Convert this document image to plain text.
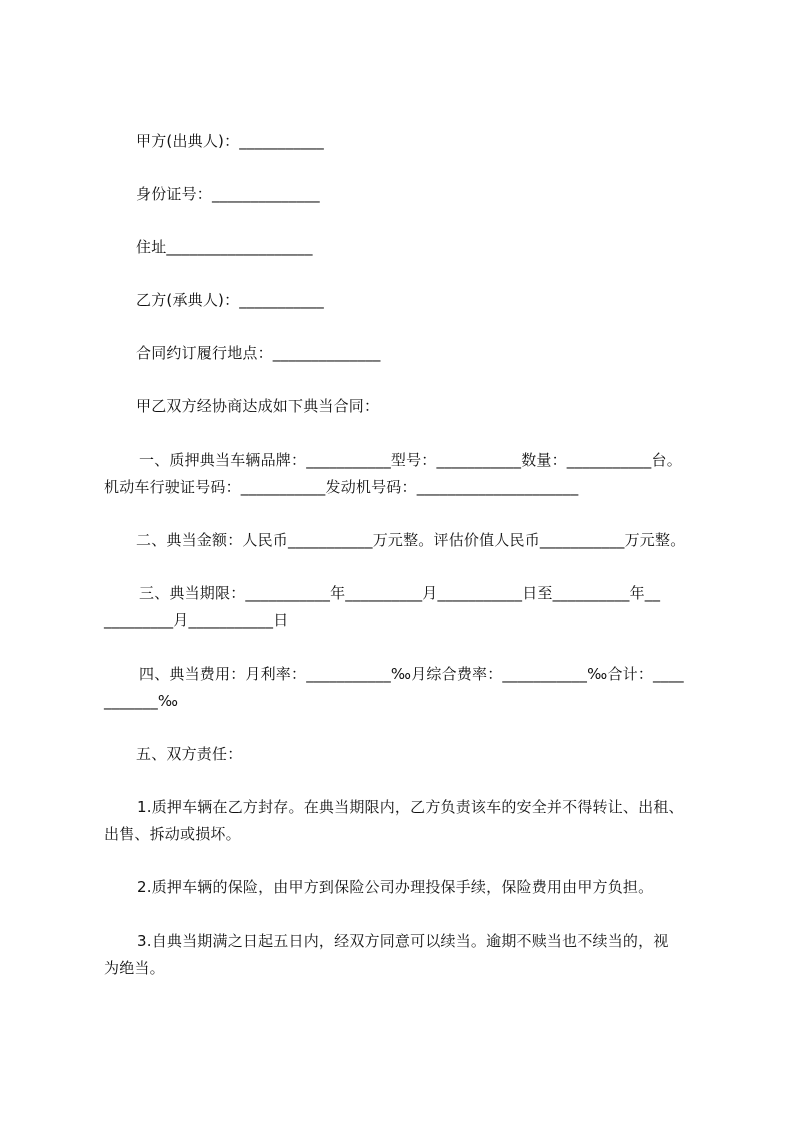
甲方(出典人)：___________
身份证号：______________
住址___________________
乙方(承典人)：___________
合同约订履行地点：______________
甲乙双方经协商达成如下典当合同：
一、质押典当车辆品牌：___________型号：___________数量：___________台。
机动车行驶证号码：___________发动机号码：_____________________
二、典当金额：人民币___________万元整。评估价值人民币___________万元整。
三、典当期限：___________年__________月___________日至__________年__
_________月___________日
四、典当费用：月利率：___________‰月综合费率：___________‰合计：____
_______‰
五、双方责任：
1.质押车辆在乙方封存。在典当期限内，乙方负责该车的安全并不得转让、出租、
出售、拆动或损坏。
2.质押车辆的保险，由甲方到保险公司办理投保手续，保险费用由甲方负担。
3.自典当期满之日起五日内，经双方同意可以续当。逾期不赎当也不续当的，视
为绝当。
